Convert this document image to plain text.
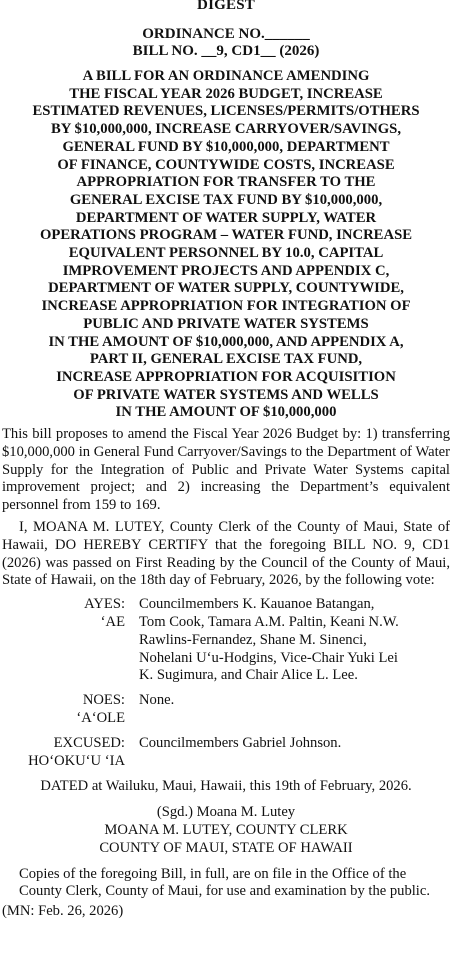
DIGEST
ORDINANCE NO.______
BILL NO. __9, CD1__ (2026)
A BILL FOR AN ORDINANCE AMENDING
THE FISCAL YEAR 2026 BUDGET, INCREASE
ESTIMATED REVENUES, LICENSES/PERMITS/OTHERS
BY $10,000,000, INCREASE CARRYOVER/SAVINGS,
GENERAL FUND BY $10,000,000, DEPARTMENT
OF FINANCE, COUNTYWIDE COSTS, INCREASE
APPROPRIATION FOR TRANSFER TO THE
GENERAL EXCISE TAX FUND BY $10,000,000,
DEPARTMENT OF WATER SUPPLY, WATER
OPERATIONS PROGRAM – WATER FUND, INCREASE
EQUIVALENT PERSONNEL BY 10.0, CAPITAL
IMPROVEMENT PROJECTS AND APPENDIX C,
DEPARTMENT OF WATER SUPPLY, COUNTYWIDE,
INCREASE APPROPRIATION FOR INTEGRATION OF
PUBLIC AND PRIVATE WATER SYSTEMS
IN THE AMOUNT OF $10,000,000, AND APPENDIX A,
PART II, GENERAL EXCISE TAX FUND,
INCREASE APPROPRIATION FOR ACQUISITION
OF PRIVATE WATER SYSTEMS AND WELLS
IN THE AMOUNT OF $10,000,000
This bill proposes to amend the Fiscal Year 2026 Budget by: 1) transferring $10,000,000 in General Fund Carryover/Savings to the Department of Water Supply for the Integration of Public and Private Water Systems capital improvement project; and 2) increasing the Department’s equivalent personnel from 159 to 169.
I, MOANA M. LUTEY, County Clerk of the County of Maui, State of Hawaii, DO HEREBY CERTIFY that the foregoing BILL NO. 9, CD1 (2026) was passed on First Reading by the Council of the County of Maui, State of Hawaii, on the 18th day of February, 2026, by the following vote:
AYES:
‘AE
Councilmembers K. Kauanoe Batangan,
Tom Cook, Tamara A.M. Paltin, Keani N.W.
Rawlins-Fernandez, Shane M. Sinenci,
Nohelani U‘u-Hodgins, Vice-Chair Yuki Lei
K. Sugimura, and Chair Alice L. Lee.
NOES:
‘A‘OLE
None.
EXCUSED:
HO‘OKU‘U ‘IA
Councilmembers Gabriel Johnson.
DATED at Wailuku, Maui, Hawaii, this 19th of February, 2026.
(Sgd.) Moana M. Lutey
MOANA M. LUTEY, COUNTY CLERK
COUNTY OF MAUI, STATE OF HAWAII
Copies of the foregoing Bill, in full, are on file in the Office of the County Clerk, County of Maui, for use and examination by the public.
(MN: Feb. 26, 2026)
